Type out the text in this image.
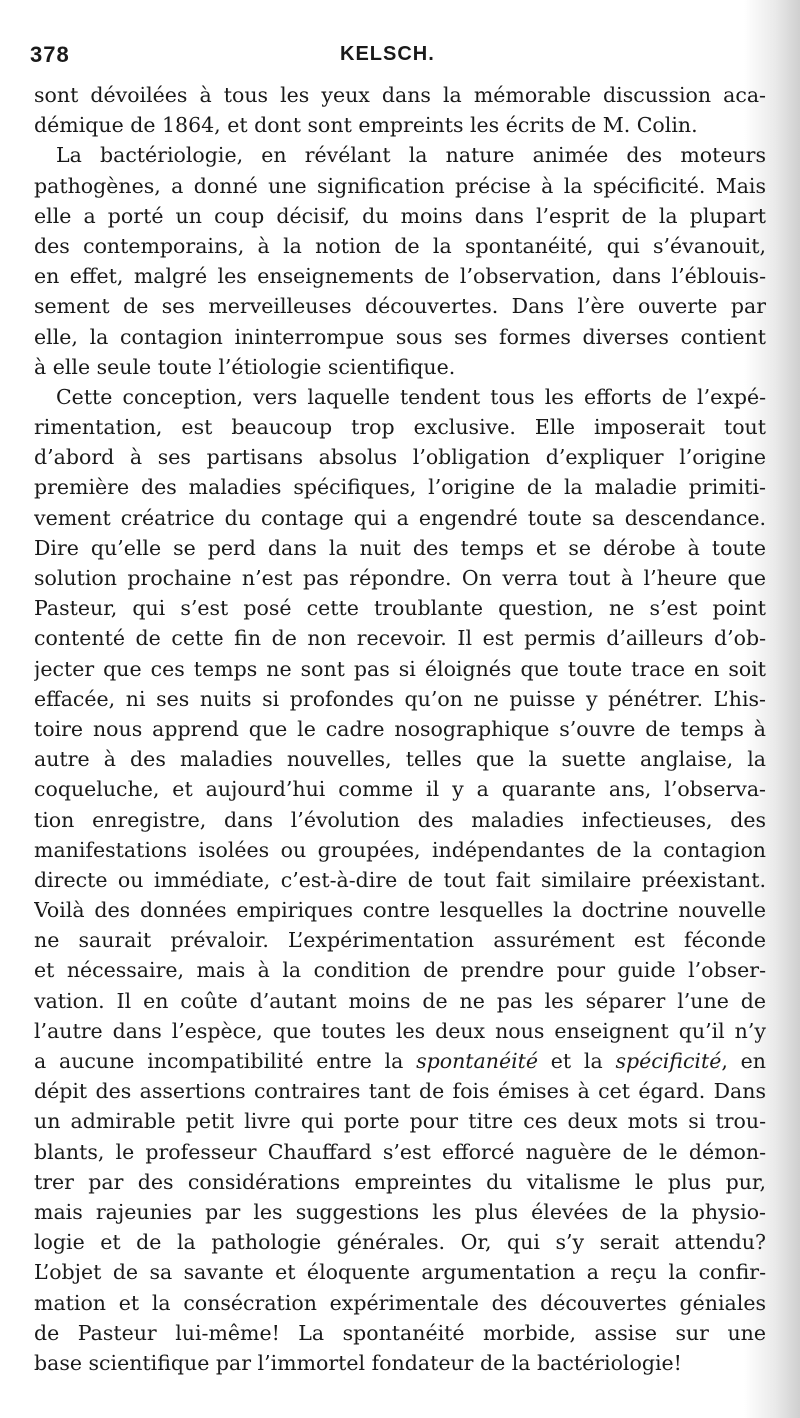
378	KELSCH.
sont dévoilées à tous les yeux dans la mémorable discussion aca-
démique de 1864, et dont sont empreints les écrits de M. Colin.
La bactériologie, en révélant la nature animée des moteurs
pathogènes, a donné une signification précise à la spécificité. Mais
elle a porté un coup décisif, du moins dans l’esprit de la plupart
des contemporains, à la notion de la spontanéité, qui s’évanouit,
en effet, malgré les enseignements de l’observation, dans l’éblouis-
sement de ses merveilleuses découvertes. Dans l’ère ouverte par
elle, la contagion ininterrompue sous ses formes diverses contient
à elle seule toute l’étiologie scientifique.
Cette conception, vers laquelle tendent tous les efforts de l’expé-
rimentation, est beaucoup trop exclusive. Elle imposerait tout
d’abord à ses partisans absolus l’obligation d’expliquer l’origine
première des maladies spécifiques, l’origine de la maladie primiti-
vement créatrice du contage qui a engendré toute sa descendance.
Dire qu’elle se perd dans la nuit des temps et se dérobe à toute
solution prochaine n’est pas répondre. On verra tout à l’heure que
Pasteur, qui s’est posé cette troublante question, ne s’est point
contenté de cette fin de non recevoir. Il est permis d’ailleurs d’ob-
jecter que ces temps ne sont pas si éloignés que toute trace en soit
effacée, ni ses nuits si profondes qu’on ne puisse y pénétrer. L’his-
toire nous apprend que le cadre nosographique s’ouvre de temps à
autre à des maladies nouvelles, telles que la suette anglaise, la
coqueluche, et aujourd’hui comme il y a quarante ans, l’observa-
tion enregistre, dans l’évolution des maladies infectieuses, des
manifestations isolées ou groupées, indépendantes de la contagion
directe ou immédiate, c’est-à-dire de tout fait similaire préexistant.
Voilà des données empiriques contre lesquelles la doctrine nouvelle
ne saurait prévaloir. L’expérimentation assurément est féconde
et nécessaire, mais à la condition de prendre pour guide l’obser-
vation. Il en coûte d’autant moins de ne pas les séparer l’une de
l’autre dans l’espèce, que toutes les deux nous enseignent qu’il n’y
a aucune incompatibilité entre la spontanéité et la spécificité, en
dépit des assertions contraires tant de fois émises à cet égard. Dans
un admirable petit livre qui porte pour titre ces deux mots si trou-
blants, le professeur Chauffard s’est efforcé naguère de le démon-
trer par des considérations empreintes du vitalisme le plus pur,
mais rajeunies par les suggestions les plus élevées de la physio-
logie et de la pathologie générales. Or, qui s’y serait attendu?
L’objet de sa savante et éloquente argumentation a reçu la confir-
mation et la consécration expérimentale des découvertes géniales
de Pasteur lui-même! La spontanéité morbide, assise sur une
base scientifique par l’immortel fondateur de la bactériologie!
